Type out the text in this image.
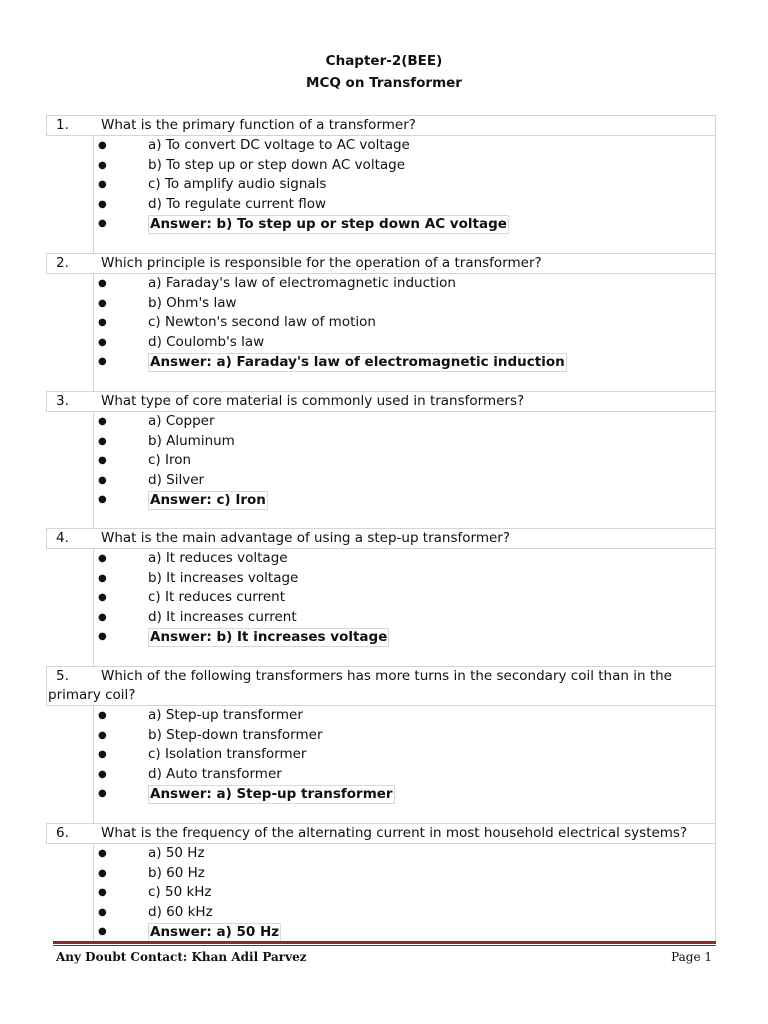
Chapter-2(BEE)
MCQ on Transformer
1. What is the primary function of a transformer?
●	a) To convert DC voltage to AC voltage
●	b) To step up or step down AC voltage
●	c) To amplify audio signals
●	d) To regulate current flow
●	Answer: b) To step up or step down AC voltage
2. Which principle is responsible for the operation of a transformer?
●	a) Faraday's law of electromagnetic induction
●	b) Ohm's law
●	c) Newton's second law of motion
●	d) Coulomb's law
●	Answer: a) Faraday's law of electromagnetic induction
3. What type of core material is commonly used in transformers?
●	a) Copper
●	b) Aluminum
●	c) Iron
●	d) Silver
●	Answer: c) Iron
4. What is the main advantage of using a step-up transformer?
●	a) It reduces voltage
●	b) It increases voltage
●	c) It reduces current
●	d) It increases current
●	Answer: b) It increases voltage
5. Which of the following transformers has more turns in the secondary coil than in the
primary coil?
●	a) Step-up transformer
●	b) Step-down transformer
●	c) Isolation transformer
●	d) Auto transformer
●	Answer: a) Step-up transformer
6. What is the frequency of the alternating current in most household electrical systems?
●	a) 50 Hz
●	b) 60 Hz
●	c) 50 kHz
●	d) 60 kHz
●	Answer: a) 50 Hz
Any Doubt Contact: Khan Adil Parvez	Page 1
